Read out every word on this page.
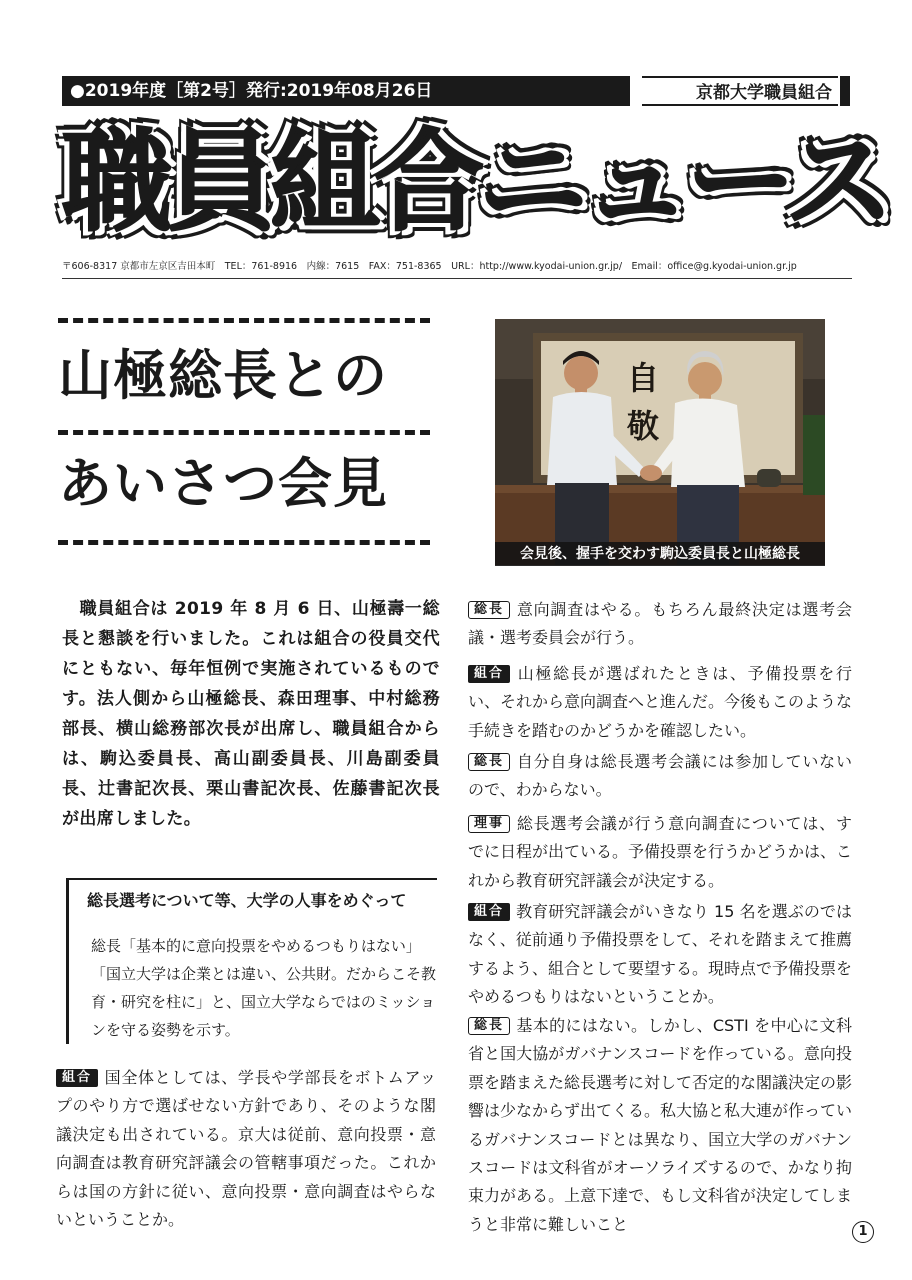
●2019年度［第2号］発行:2019年08月26日	京都大学職員組合
職員組合ニュース
〒606-8317 京都市左京区吉田本町　TEL：761-8916　内線：7615　FAX：751-8365　URL：http://www.kyodai-union.gr.jp/　Email：office@g.kyodai-union.gr.jp
山極総長との
あいさつ会見
自
敬
会見後、握手を交わす駒込委員長と山極総長
　職員組合は 2019 年 8 月 6 日、山極壽一総長と懇談を行いました。これは組合の役員交代にともない、毎年恒例で実施されているものです。法人側から山極総長、森田理事、中村総務部長、横山総務部次長が出席し、職員組合からは、駒込委員長、高山副委員長、川島副委員長、辻書記次長、栗山書記次長、佐藤書記次長が出席しました。
総長選考について等、大学の人事をめぐって
総長「基本的に意向投票をやめるつもりはない」「国立大学は企業とは違い、公共財。だからこそ教育・研究を柱に」と、国立大学ならではのミッションを守る姿勢を示す。
組合 国全体としては、学長や学部長をボトムアップのやり方で選ばせない方針であり、そのような閣議決定も出されている。京大は従前、意向投票・意向調査は教育研究評議会の管轄事項だった。これからは国の方針に従い、意向投票・意向調査はやらないということか。
総長 意向調査はやる。もちろん最終決定は選考会議・選考委員会が行う。
組合 山極総長が選ばれたときは、予備投票を行い、それから意向調査へと進んだ。今後もこのような手続きを踏むのかどうかを確認したい。
総長 自分自身は総長選考会議には参加していないので、わからない。
理事 総長選考会議が行う意向調査については、すでに日程が出ている。予備投票を行うかどうかは、これから教育研究評議会が決定する。
組合 教育研究評議会がいきなり 15 名を選ぶのではなく、従前通り予備投票をして、それを踏まえて推薦するよう、組合として要望する。現時点で予備投票をやめるつもりはないということか。
総長 基本的にはない。しかし、CSTI を中心に文科省と国大協がガバナンスコードを作っている。意向投票を踏まえた総長選考に対して否定的な閣議決定の影響は少なからず出てくる。私大協と私大連が作っているガバナンスコードとは異なり、国立大学のガバナンスコードは文科省がオーソライズするので、かなり拘束力がある。上意下達で、もし文科省が決定してしまうと非常に難しいこと	1
